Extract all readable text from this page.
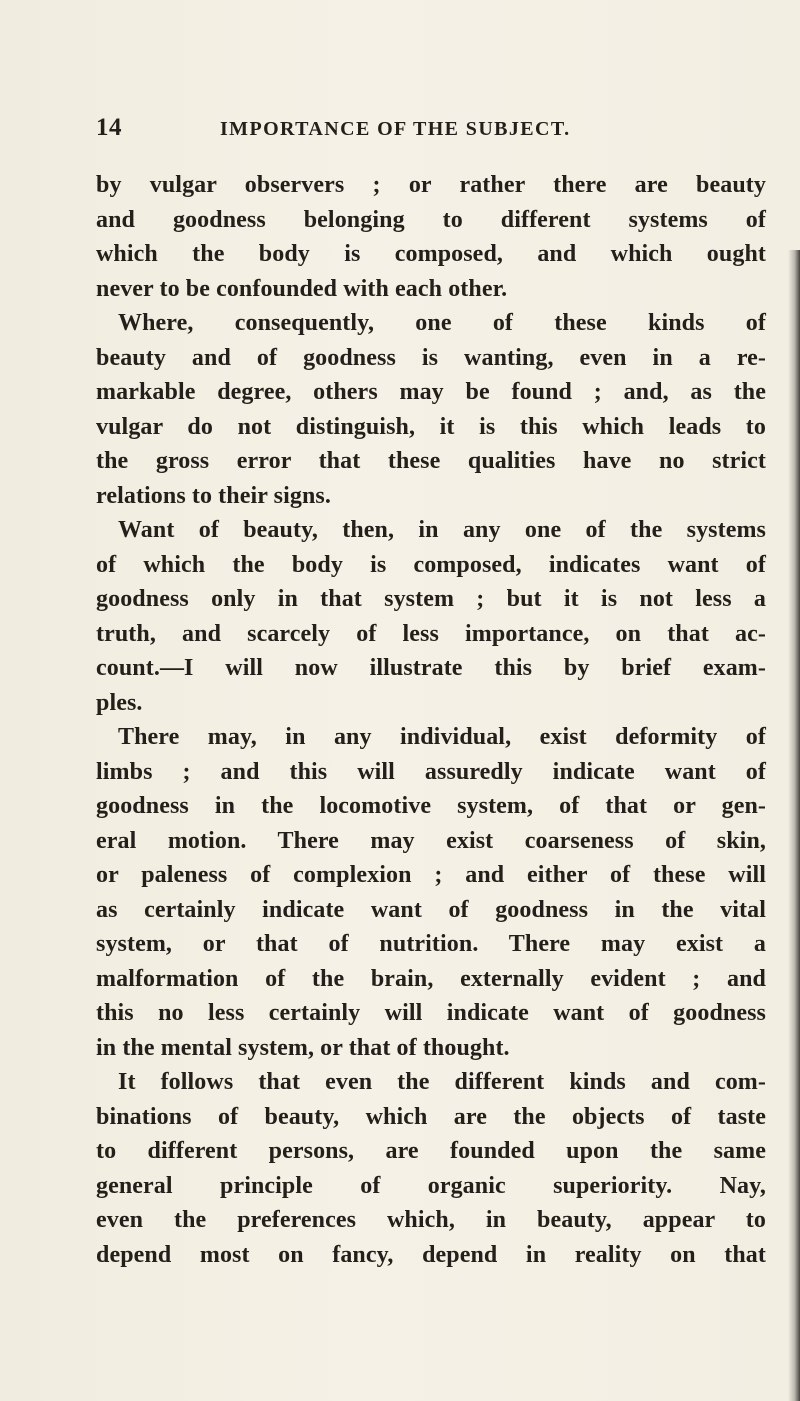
14	IMPORTANCE OF THE SUBJECT.
by vulgar observers ; or rather there are beauty
and goodness belonging to different systems of
which the body is composed, and which ought
never to be confounded with each other.
Where, consequently, one of these kinds of
beauty and of goodness is wanting, even in a re-
markable degree, others may be found ; and, as the
vulgar do not distinguish, it is this which leads to
the gross error that these qualities have no strict
relations to their signs.
Want of beauty, then, in any one of the systems
of which the body is composed, indicates want of
goodness only in that system ; but it is not less a
truth, and scarcely of less importance, on that ac-
count.—I will now illustrate this by brief exam-
ples.
There may, in any individual, exist deformity of
limbs ; and this will assuredly indicate want of
goodness in the locomotive system, of that or gen-
eral motion. There may exist coarseness of skin,
or paleness of complexion ; and either of these will
as certainly indicate want of goodness in the vital
system, or that of nutrition. There may exist a
malformation of the brain, externally evident ; and
this no less certainly will indicate want of goodness
in the mental system, or that of thought.
It follows that even the different kinds and com-
binations of beauty, which are the objects of taste
to different persons, are founded upon the same
general principle of organic superiority. Nay,
even the preferences which, in beauty, appear to
depend most on fancy, depend in reality on that
